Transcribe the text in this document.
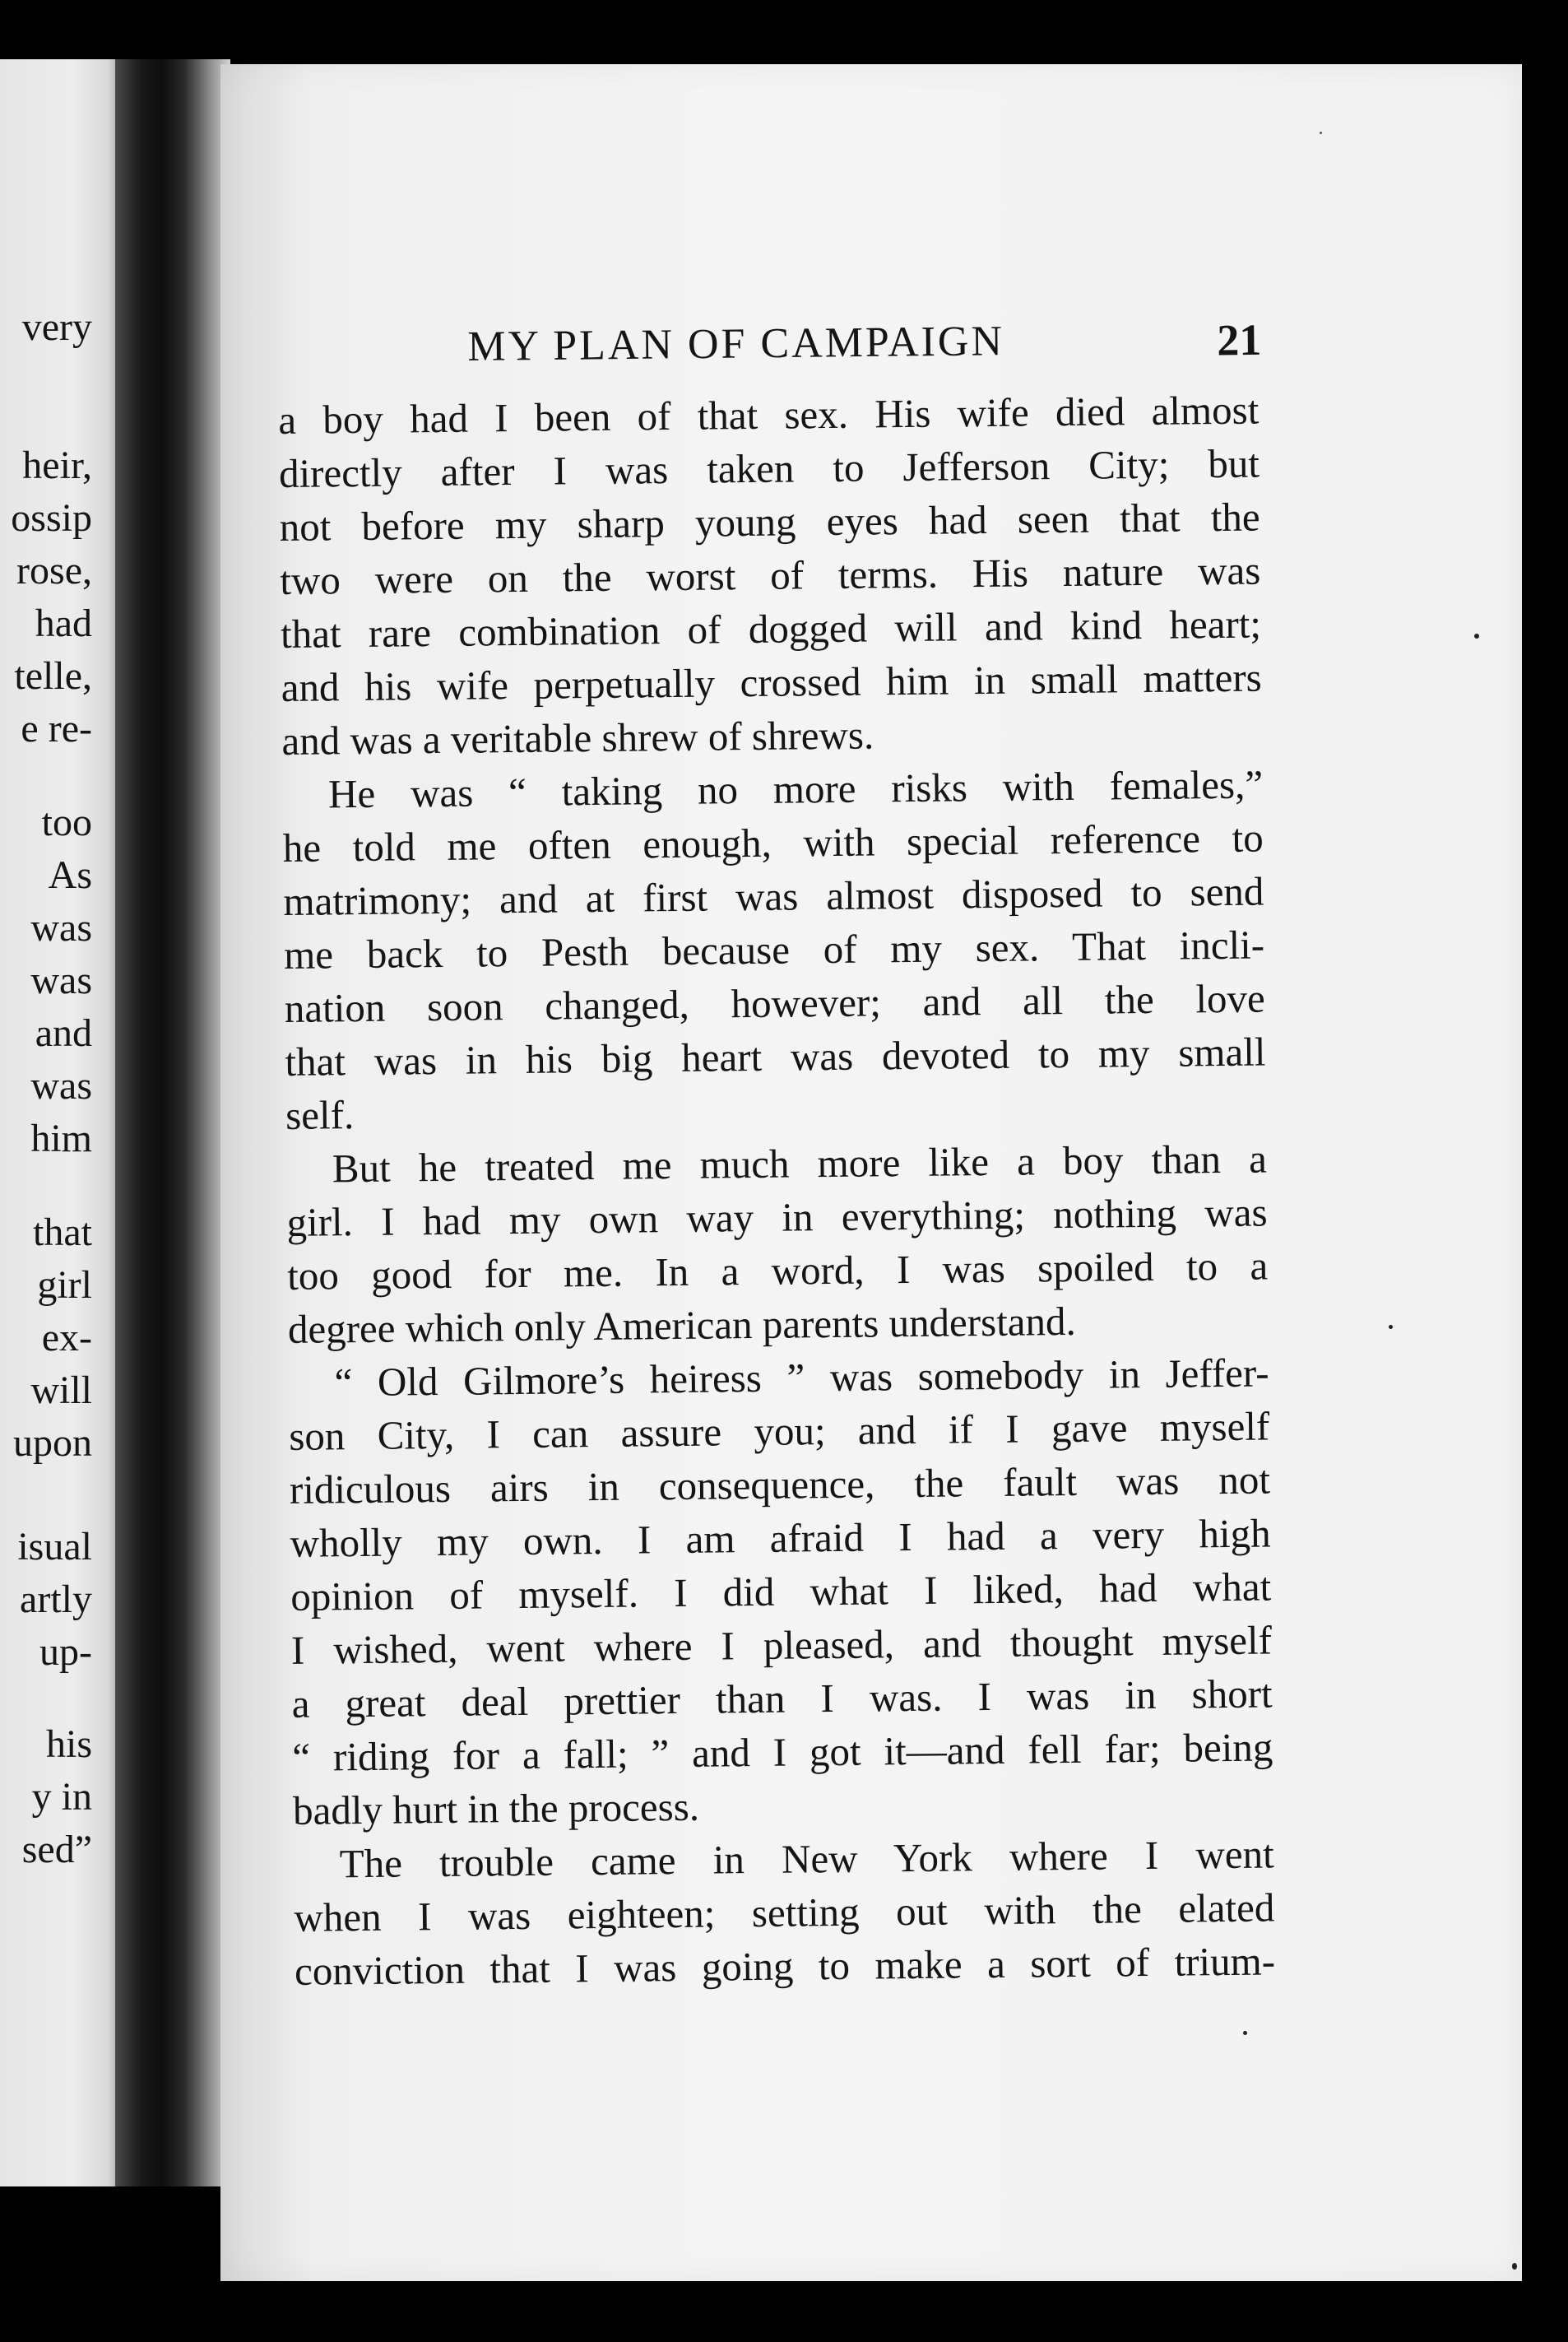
very

heir,

ossip

rose,

had

telle,

e re-

too

As

was

was

and

was

him

that

girl

ex-

will

upon

isual

artly

up-

his

y in

sed”

MY PLAN OF CAMPAIGN	21

a boy had I been of that sex. His wife died almost

directly after I was taken to Jefferson City; but

not before my sharp young eyes had seen that the

two were on the worst of terms. His nature was

that rare combination of dogged will and kind heart;

and his wife perpetually crossed him in small matters

and was a veritable shrew of shrews.

He was “ taking no more risks with females,”

he told me often enough, with special reference to

matrimony; and at first was almost disposed to send

me back to Pesth because of my sex. That incli-

nation soon changed, however; and all the love

that was in his big heart was devoted to my small

self.

But he treated me much more like a boy than a

girl. I had my own way in everything; nothing was

too good for me. In a word, I was spoiled to a

degree which only American parents understand.

“ Old Gilmore’s heiress ” was somebody in Jeffer-

son City, I can assure you; and if I gave myself

ridiculous airs in consequence, the fault was not

wholly my own. I am afraid I had a very high

opinion of myself. I did what I liked, had what

I wished, went where I pleased, and thought myself

a great deal prettier than I was. I was in short

“ riding for a fall; ” and I got it—and fell far; being

badly hurt in the process.

The trouble came in New York where I went

when I was eighteen; setting out with the elated

conviction that I was going to make a sort of trium-
